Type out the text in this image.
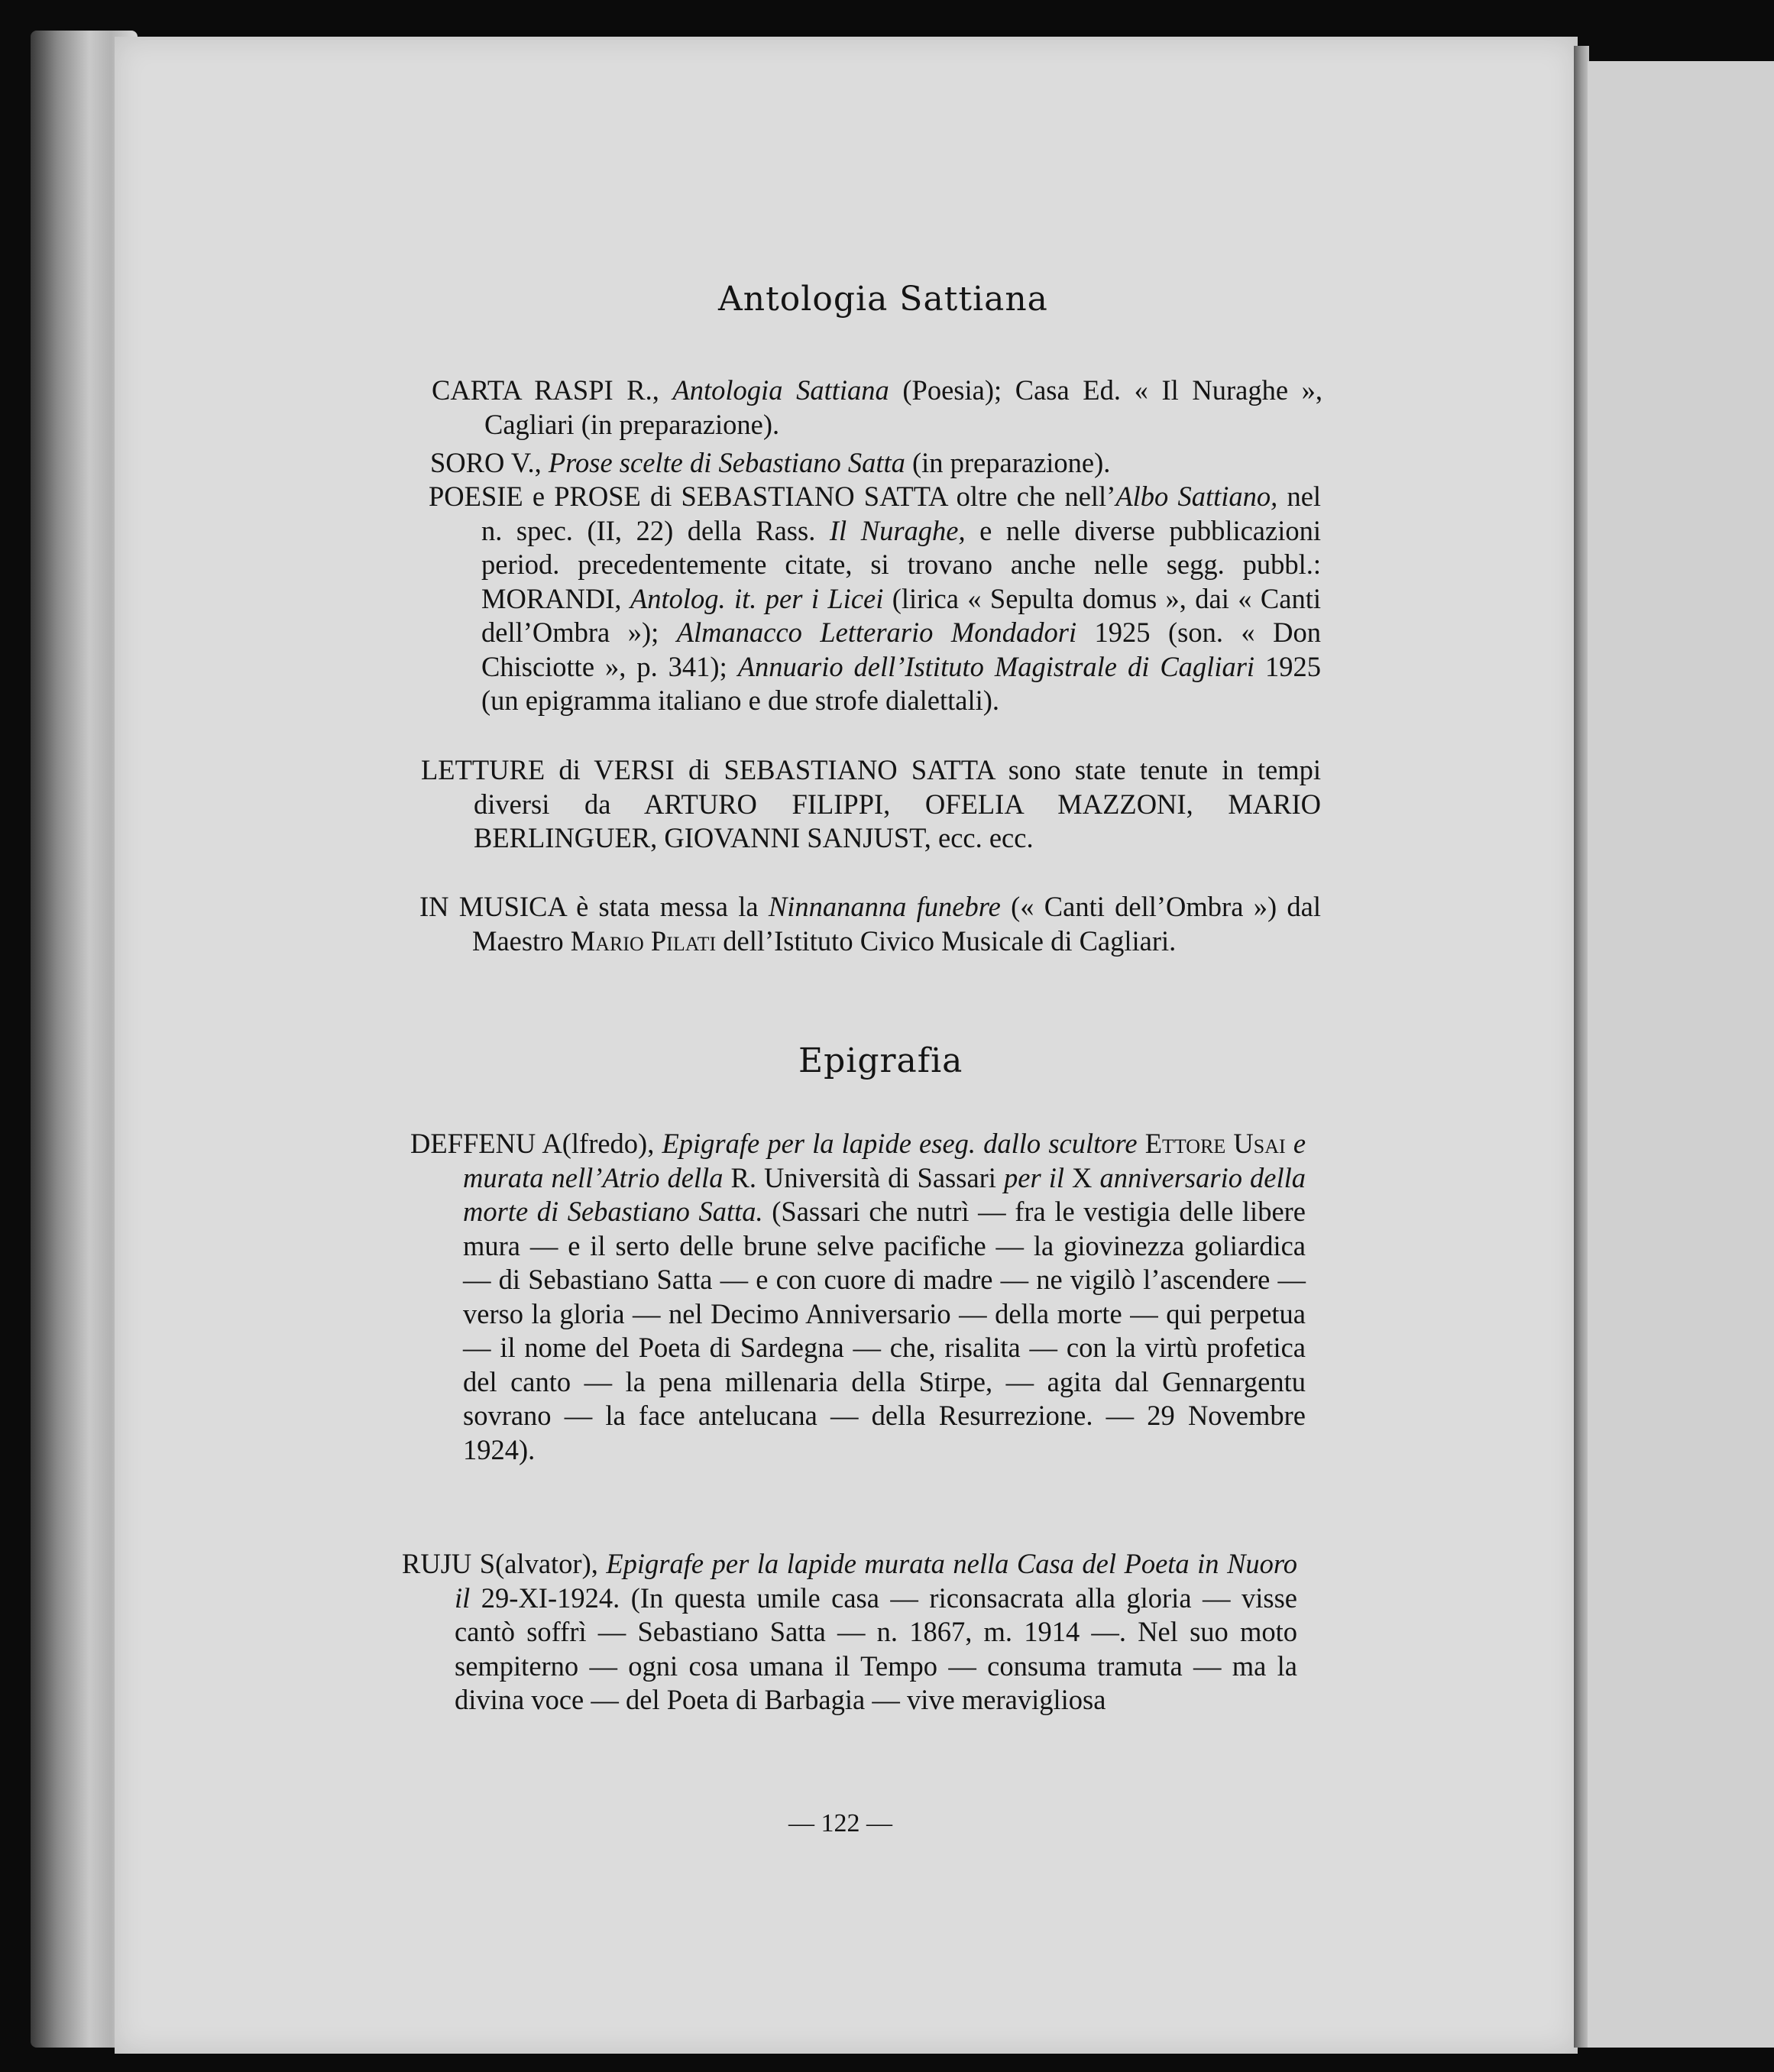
Antologia Sattiana

CARTA RASPI R., Antologia Sattiana (Poesia); Casa Ed. « Il Nuraghe », Cagliari (in preparazione).

SORO V., Prose scelte di Sebastiano Satta (in preparazione).

POESIE e PROSE di SEBASTIANO SATTA oltre che nell’Albo Sattiano, nel n. spec. (II, 22) della Rass. Il Nuraghe, e nelle diverse pubblicazioni period. precedentemente citate, si trovano anche nelle segg. pubbl.: MORANDI, Antolog. it. per i Licei (lirica « Sepulta domus », dai « Canti dell’Ombra »); Almanacco Letterario Mondadori 1925 (son. « Don Chisciotte », p. 341); Annuario dell’Istituto Magistrale di Cagliari 1925 (un epigramma italiano e due strofe dialettali).

LETTURE di VERSI di SEBASTIANO SATTA sono state tenute in tempi diversi da ARTURO FILIPPI, OFELIA MAZZONI, MARIO BERLINGUER, GIOVANNI SANJUST, ecc. ecc.

IN MUSICA è stata messa la Ninnananna funebre (« Canti dell’Ombra ») dal Maestro Mario Pilati dell’Istituto Civico Musicale di Cagliari.

Epigrafia

DEFFENU A(lfredo), Epigrafe per la lapide eseg. dallo scultore Ettore Usai e murata nell’Atrio della R. Università di Sassari per il X anniversario della morte di Sebastiano Satta. (Sassari che nutrì — fra le vestigia delle libere mura — e il serto delle brune selve pacifiche — la giovinezza goliardica — di Sebastiano Satta — e con cuore di madre — ne vigilò l’ascendere — verso la gloria — nel Decimo Anniversario — della morte — qui perpetua — il nome del Poeta di Sardegna — che, risalita — con la virtù profetica del canto — la pena millenaria della Stirpe, — agita dal Gennargentu sovrano — la face antelucana — della Resurrezione. — 29 Novembre 1924).

RUJU S(alvator), Epigrafe per la lapide murata nella Casa del Poeta in Nuoro il 29-XI-1924. (In questa umile casa — riconsacrata alla gloria — visse cantò soffrì — Sebastiano Satta — n. 1867, m. 1914 —. Nel suo moto sempiterno — ogni cosa umana il Tempo — consuma tramuta — ma la divina voce — del Poeta di Barbagia — vive meravigliosa

— 122 —
